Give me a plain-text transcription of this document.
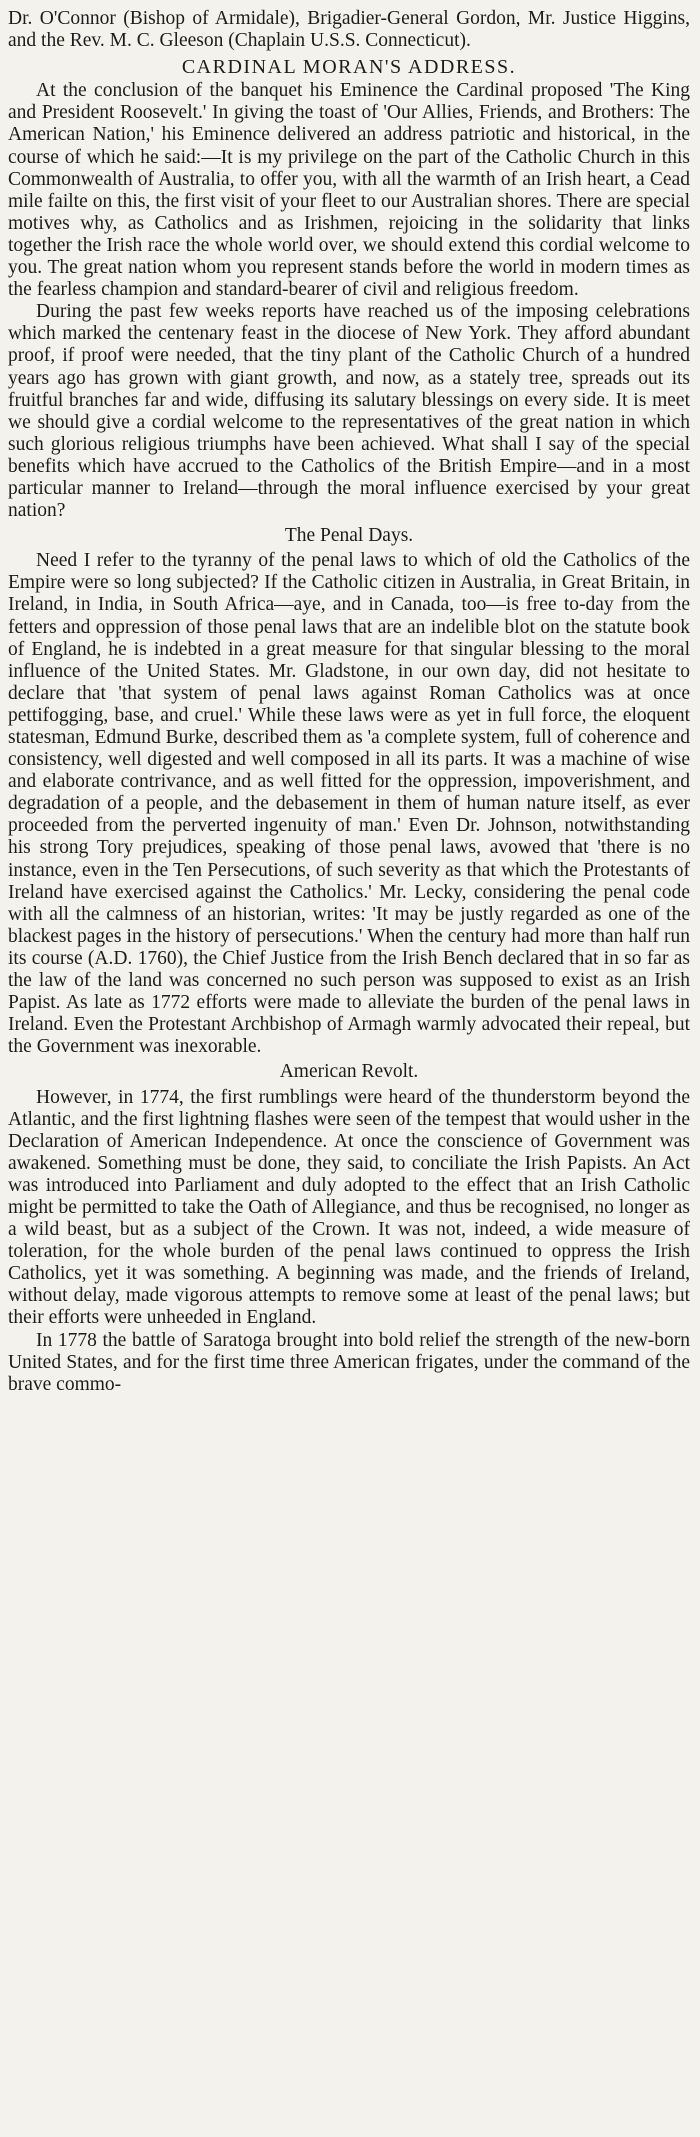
Dr. O'Connor (Bishop of Armidale), Brigadier-General Gordon, Mr. Justice Higgins, and the Rev. M. C. Gleeson (Chaplain U.S.S. Connecticut).

CARDINAL MORAN'S ADDRESS.

At the conclusion of the banquet his Eminence the Cardinal proposed 'The King and President Roosevelt.' In giving the toast of 'Our Allies, Friends, and Brothers: The American Nation,' his Eminence delivered an address patriotic and historical, in the course of which he said:—It is my privilege on the part of the Catholic Church in this Commonwealth of Australia, to offer you, with all the warmth of an Irish heart, a Cead mile failte on this, the first visit of your fleet to our Australian shores. There are special motives why, as Catholics and as Irishmen, rejoicing in the solidarity that links together the Irish race the whole world over, we should extend this cordial welcome to you. The great nation whom you represent stands before the world in modern times as the fearless champion and standard-bearer of civil and religious freedom.

During the past few weeks reports have reached us of the imposing celebrations which marked the centenary feast in the diocese of New York. They afford abundant proof, if proof were needed, that the tiny plant of the Catholic Church of a hundred years ago has grown with giant growth, and now, as a stately tree, spreads out its fruitful branches far and wide, diffusing its salutary blessings on every side. It is meet we should give a cordial welcome to the representatives of the great nation in which such glorious religious triumphs have been achieved. What shall I say of the special benefits which have accrued to the Catholics of the British Empire—and in a most particular manner to Ireland—through the moral influence exercised by your great nation?

The Penal Days.

Need I refer to the tyranny of the penal laws to which of old the Catholics of the Empire were so long subjected? If the Catholic citizen in Australia, in Great Britain, in Ireland, in India, in South Africa—aye, and in Canada, too—is free to-day from the fetters and oppression of those penal laws that are an indelible blot on the statute book of England, he is indebted in a great measure for that singular blessing to the moral influence of the United States. Mr. Gladstone, in our own day, did not hesitate to declare that 'that system of penal laws against Roman Catholics was at once pettifogging, base, and cruel.' While these laws were as yet in full force, the eloquent statesman, Edmund Burke, described them as 'a complete system, full of coherence and consistency, well digested and well composed in all its parts. It was a machine of wise and elaborate contrivance, and as well fitted for the oppression, impoverishment, and degradation of a people, and the debasement in them of human nature itself, as ever proceeded from the perverted ingenuity of man.' Even Dr. Johnson, notwithstanding his strong Tory prejudices, speaking of those penal laws, avowed that 'there is no instance, even in the Ten Persecutions, of such severity as that which the Protestants of Ireland have exercised against the Catholics.' Mr. Lecky, considering the penal code with all the calmness of an historian, writes: 'It may be justly regarded as one of the blackest pages in the history of persecutions.' When the century had more than half run its course (A.D. 1760), the Chief Justice from the Irish Bench declared that in so far as the law of the land was concerned no such person was supposed to exist as an Irish Papist. As late as 1772 efforts were made to alleviate the burden of the penal laws in Ireland. Even the Protestant Archbishop of Armagh warmly advocated their repeal, but the Government was inexorable.

American Revolt.

However, in 1774, the first rumblings were heard of the thunderstorm beyond the Atlantic, and the first lightning flashes were seen of the tempest that would usher in the Declaration of American Independence. At once the conscience of Government was awakened. Something must be done, they said, to conciliate the Irish Papists. An Act was introduced into Parliament and duly adopted to the effect that an Irish Catholic might be permitted to take the Oath of Allegiance, and thus be recognised, no longer as a wild beast, but as a subject of the Crown. It was not, indeed, a wide measure of toleration, for the whole burden of the penal laws continued to oppress the Irish Catholics, yet it was something. A beginning was made, and the friends of Ireland, without delay, made vigorous attempts to remove some at least of the penal laws; but their efforts were unheeded in England.

In 1778 the battle of Saratoga brought into bold relief the strength of the new-born United States, and for the first time three American frigates, under the command of the brave commo-
